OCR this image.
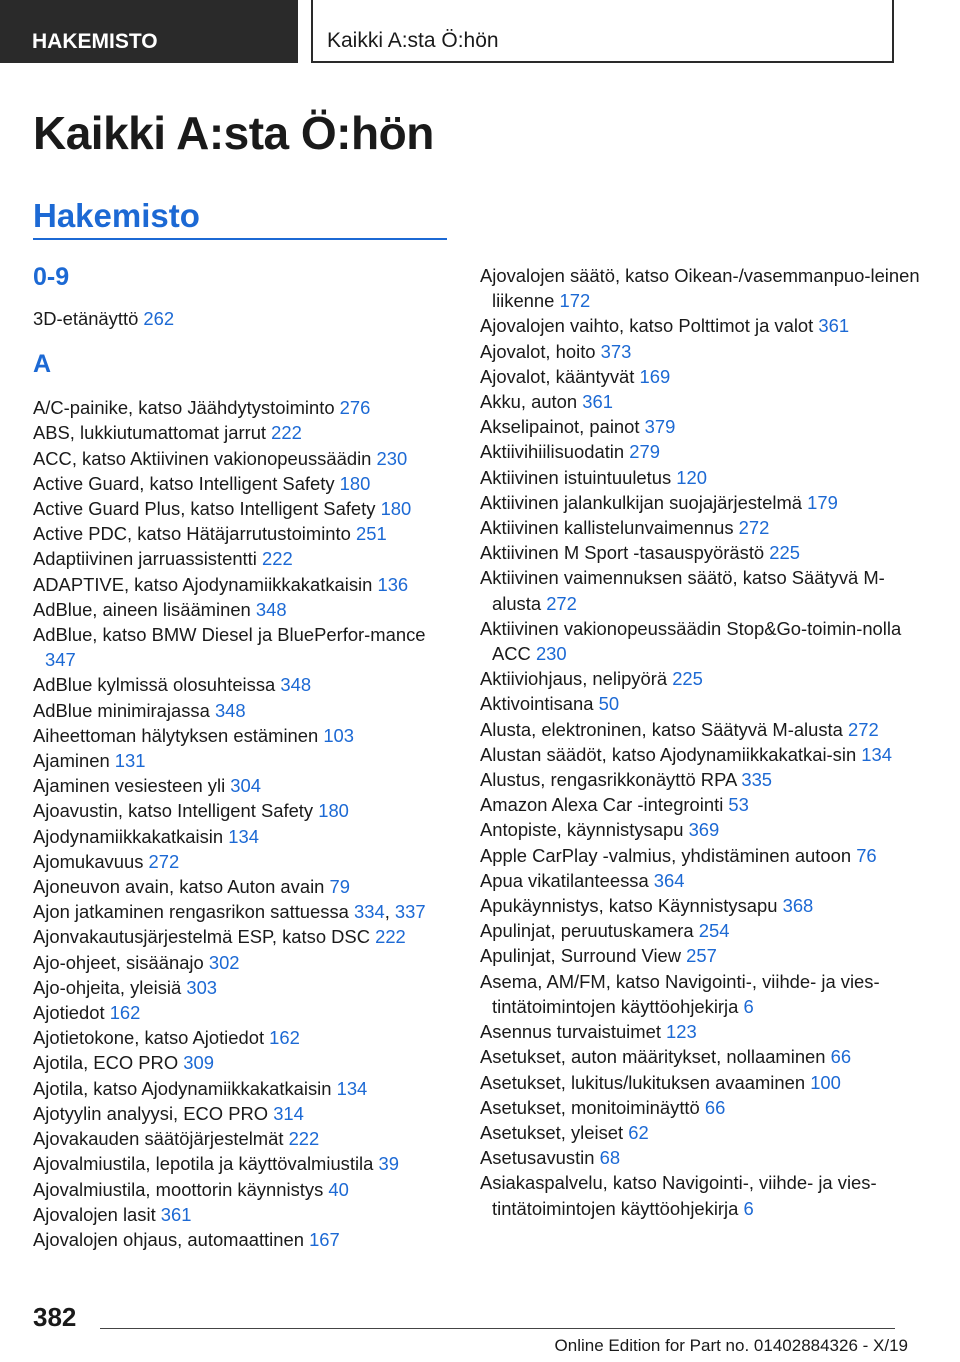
HAKEMISTO	Kaikki A:sta Ö:hön
Kaikki A:sta Ö:hön
Hakemisto
0-9
3D-etänäyttö 262
A
A/C-painike, katso Jäähdytystoiminto 276
ABS, lukkiutumattomat jarrut 222
ACC, katso Aktiivinen vakionopeussäädin 230
Active Guard, katso Intelligent Safety 180
Active Guard Plus, katso Intelligent Safety 180
Active PDC, katso Hätäjarrutustoiminto 251
Adaptiivinen jarruassistentti 222
ADAPTIVE, katso Ajodynamiikkakatkaisin 136
AdBlue, aineen lisääminen 348
AdBlue, katso BMW Diesel ja BluePerfor‐mance 347
AdBlue kylmissä olosuhteissa 348
AdBlue minimirajassa 348
Aiheettoman hälytyksen estäminen 103
Ajaminen 131
Ajaminen vesiesteen yli 304
Ajoavustin, katso Intelligent Safety 180
Ajodynamiikkakatkaisin 134
Ajomukavuus 272
Ajoneuvon avain, katso Auton avain 79
Ajon jatkaminen rengasrikon sattuessa 334, 337
Ajonvakautusjärjestelmä ESP, katso DSC 222
Ajo-ohjeet, sisäänajo 302
Ajo-ohjeita, yleisiä 303
Ajotiedot 162
Ajotietokone, katso Ajotiedot 162
Ajotila, ECO PRO 309
Ajotila, katso Ajodynamiikkakatkaisin 134
Ajotyylin analyysi, ECO PRO 314
Ajovakauden säätöjärjestelmät 222
Ajovalmiustila, lepotila ja käyttövalmiustila 39
Ajovalmiustila, moottorin käynnistys 40
Ajovalojen lasit 361
Ajovalojen ohjaus, automaattinen 167
Ajovalojen säätö, katso Oikean-/vasemmanpuo‐leinen liikenne 172
Ajovalojen vaihto, katso Polttimot ja valot 361
Ajovalot, hoito 373
Ajovalot, kääntyvät 169
Akku, auton 361
Akselipainot, painot 379
Aktiivihiilisuodatin 279
Aktiivinen istuintuuletus 120
Aktiivinen jalankulkijan suojajärjestelmä 179
Aktiivinen kallistelunvaimennus 272
Aktiivinen M Sport -tasauspyörästö 225
Aktiivinen vaimennuksen säätö, katso Säätyvä M-alusta 272
Aktiivinen vakionopeussäädin Stop&Go-toimin‐nolla ACC 230
Aktiiviohjaus, nelipyörä 225
Aktivointisana 50
Alusta, elektroninen, katso Säätyvä M-alusta 272
Alustan säädöt, katso Ajodynamiikkakatkai‐sin 134
Alustus, rengasrikkonäyttö RPA 335
Amazon Alexa Car -integrointi 53
Antopiste, käynnistysapu 369
Apple CarPlay -valmius, yhdistäminen autoon 76
Apua vikatilanteessa 364
Apukäynnistys, katso Käynnistysapu 368
Apulinjat, peruutuskamera 254
Apulinjat, Surround View 257
Asema, AM/FM, katso Navigointi-, viihde- ja vies‐tintätoimintojen käyttöohjekirja 6
Asennus turvaistuimet 123
Asetukset, auton määritykset, nollaaminen 66
Asetukset, lukitus/lukituksen avaaminen 100
Asetukset, monitoiminäyttö 66
Asetukset, yleiset 62
Asetusavustin 68
Asiakaspalvelu, katso Navigointi-, viihde- ja vies‐tintätoimintojen käyttöohjekirja 6
382
Online Edition for Part no. 01402884326 - X/19
